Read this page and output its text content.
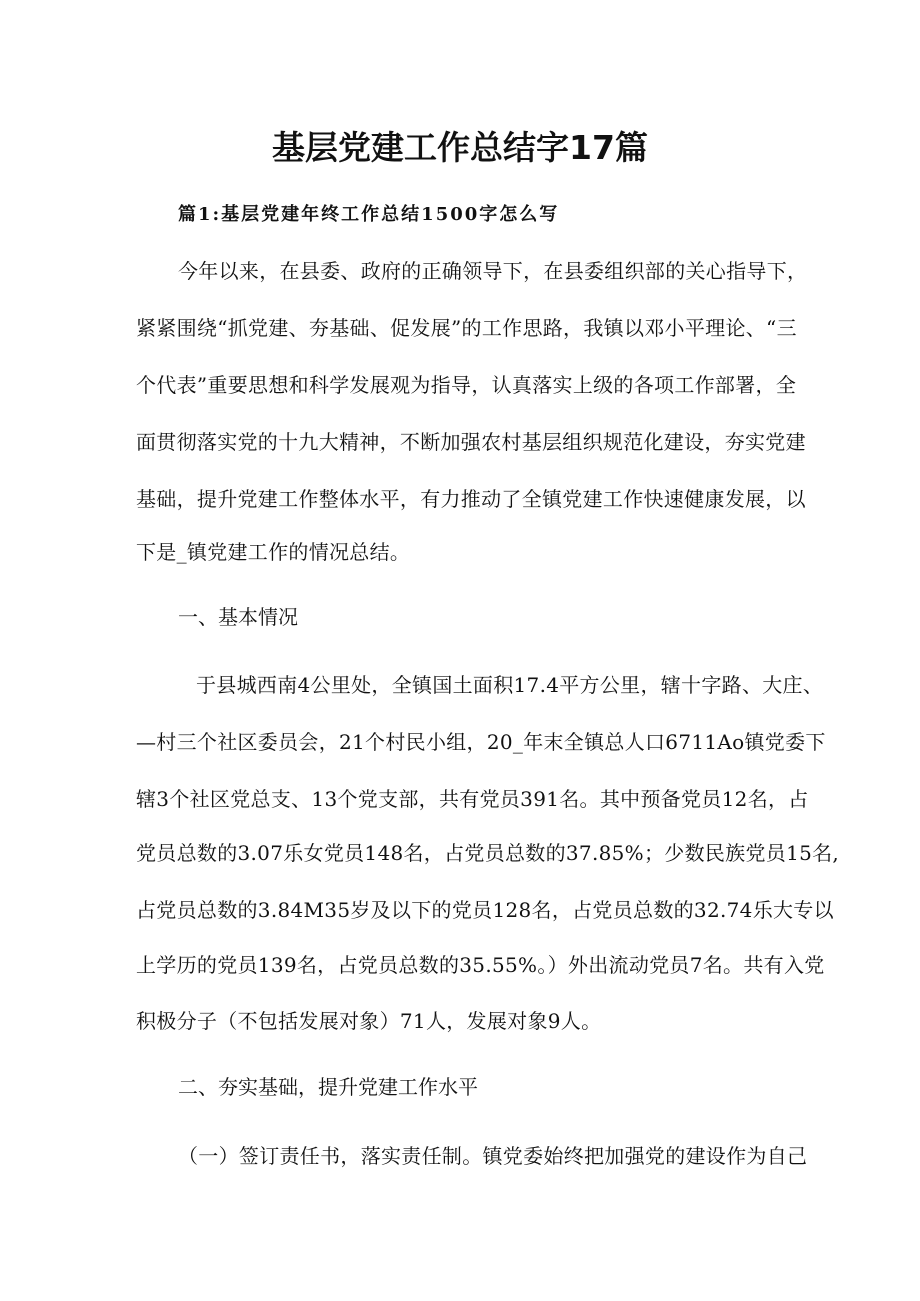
基层党建工作总结字17篇
篇1:基层党建年终工作总结1500字怎么写
今年以来，在县委、政府的正确领导下，在县委组织部的关心指导下，
紧紧围绕“抓党建、夯基础、促发展”的工作思路，我镇以邓小平理论、“三
个代表”重要思想和科学发展观为指导，认真落实上级的各项工作部署，全
面贯彻落实党的十九大精神，不断加强农村基层组织规范化建设，夯实党建
基础，提升党建工作整体水平，有力推动了全镇党建工作快速健康发展，以
下是_镇党建工作的情况总结。
一、基本情况
于县城西南4公里处，全镇国土面积17.4平方公里，辖十字路、大庄、
—村三个社区委员会，21个村民小组，20_年末全镇总人口6711Ao镇党委下
辖3个社区党总支、13个党支部，共有党员391名。其中预备党员12名，占
党员总数的3.07乐女党员148名，占党员总数的37.85%；少数民族党员15名,
占党员总数的3.84M35岁及以下的党员128名，占党员总数的32.74乐大专以
上学历的党员139名，占党员总数的35.55%。）外出流动党员7名。共有入党
积极分子（不包括发展对象）71人，发展对象9人。
二、夯实基础，提升党建工作水平
（一）签订责任书，落实责任制。镇党委始终把加强党的建设作为自己
